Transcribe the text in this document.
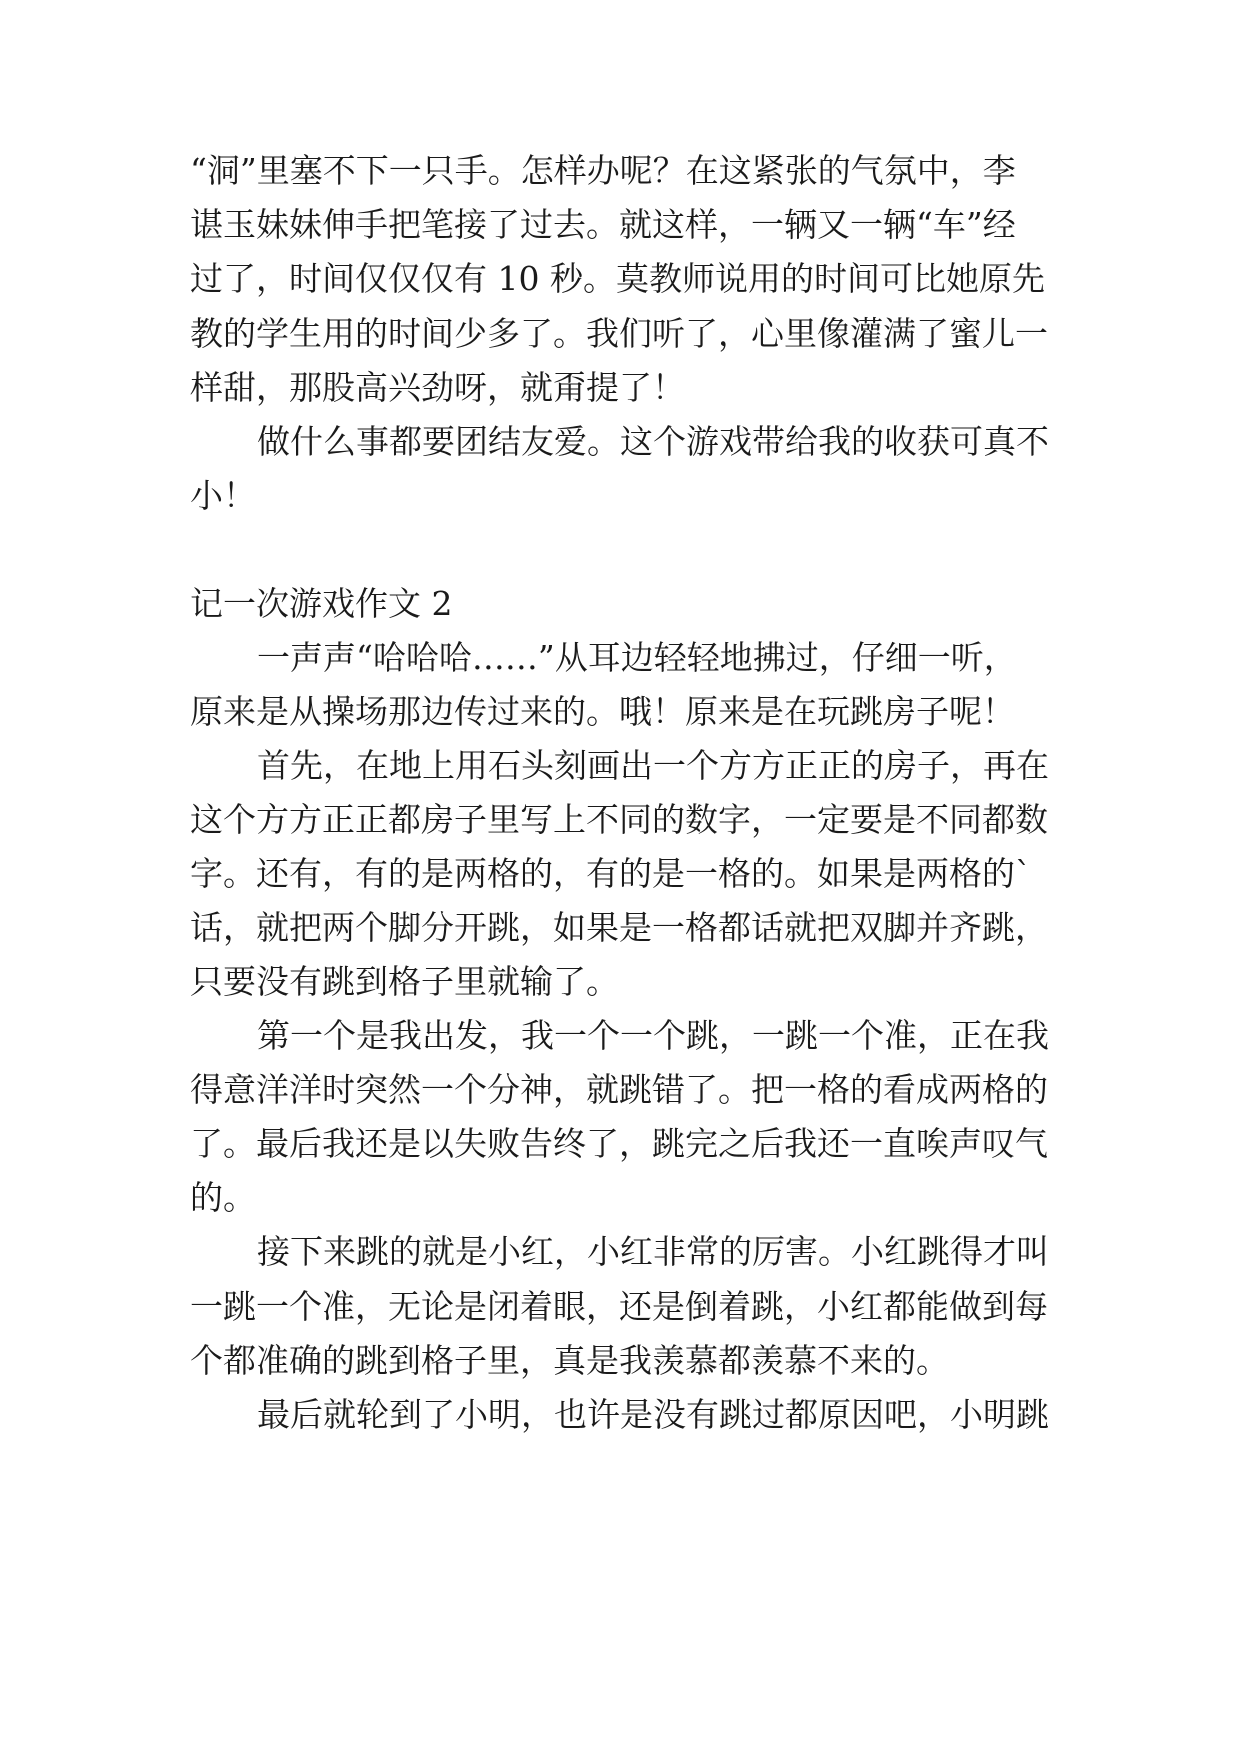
“洞”里塞不下一只手。怎样办呢？在这紧张的气氛中，李
谌玉妹妹伸手把笔接了过去。就这样，一辆又一辆“车”经
过了，时间仅仅仅有 10 秒。莫教师说用的时间可比她原先
教的学生用的时间少多了。我们听了，心里像灌满了蜜儿一
样甜，那股高兴劲呀，就甭提了！
做什么事都要团结友爱。这个游戏带给我的收获可真不
小！
记一次游戏作文 2
一声声“哈哈哈……”从耳边轻轻地拂过，仔细一听，
原来是从操场那边传过来的。哦！原来是在玩跳房子呢！
首先，在地上用石头刻画出一个方方正正的房子，再在
这个方方正正都房子里写上不同的数字，一定要是不同都数
字。还有，有的是两格的，有的是一格的。如果是两格的`
话，就把两个脚分开跳，如果是一格都话就把双脚并齐跳，
只要没有跳到格子里就输了。
第一个是我出发，我一个一个跳，一跳一个准，正在我
得意洋洋时突然一个分神，就跳错了。把一格的看成两格的
了。最后我还是以失败告终了，跳完之后我还一直唉声叹气
的。
接下来跳的就是小红，小红非常的厉害。小红跳得才叫
一跳一个准，无论是闭着眼，还是倒着跳，小红都能做到每
个都准确的跳到格子里，真是我羡慕都羡慕不来的。
最后就轮到了小明，也许是没有跳过都原因吧，小明跳
